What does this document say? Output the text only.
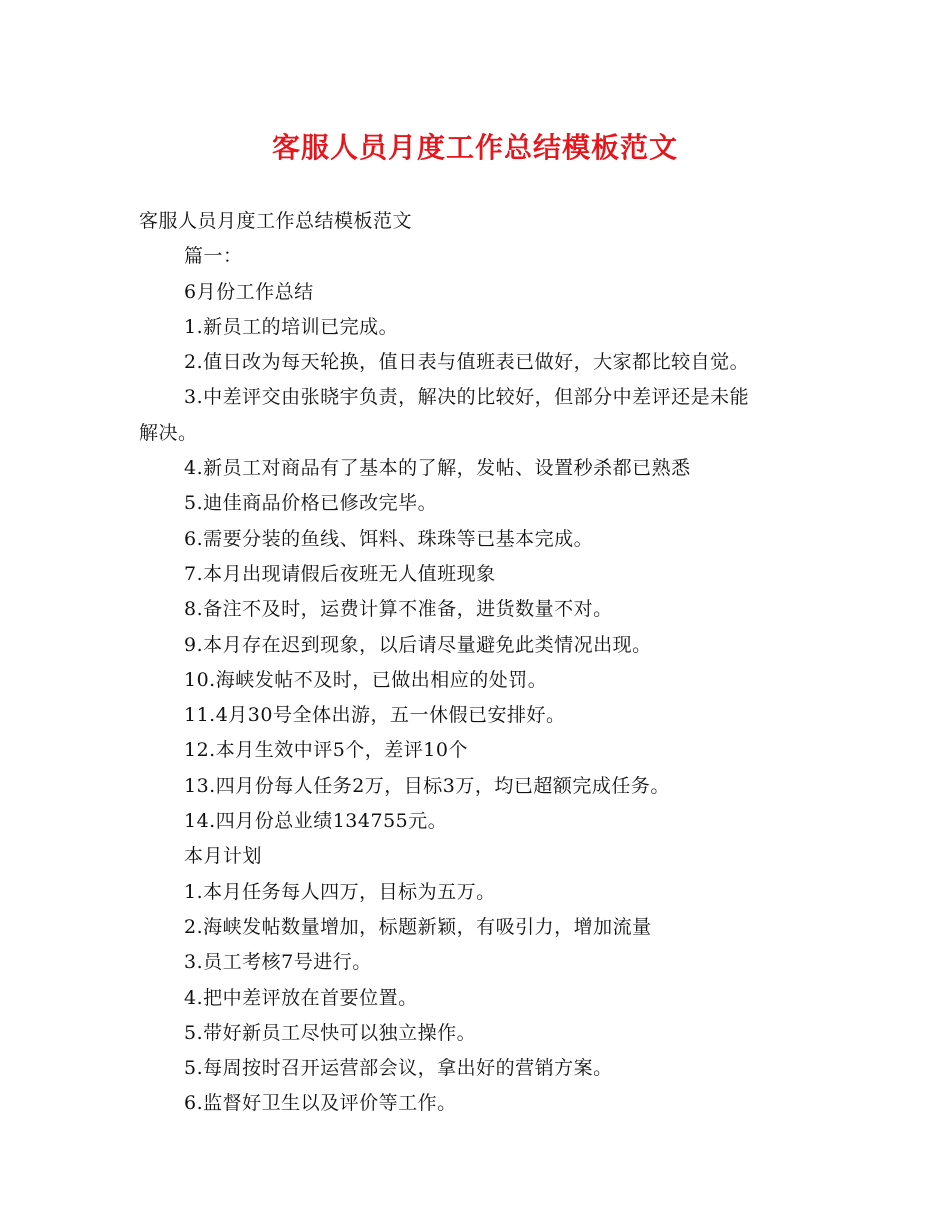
客服人员月度工作总结模板范文
客服人员月度工作总结模板范文
篇一：
6月份工作总结
1.新员工的培训已完成。
2.值日改为每天轮换，值日表与值班表已做好，大家都比较自觉。
3.中差评交由张晓宇负责，解决的比较好，但部分中差评还是未能
解决。
4.新员工对商品有了基本的了解，发帖、设置秒杀都已熟悉
5.迪佳商品价格已修改完毕。
6.需要分装的鱼线、饵料、珠珠等已基本完成。
7.本月出现请假后夜班无人值班现象
8.备注不及时，运费计算不准备，进货数量不对。
9.本月存在迟到现象，以后请尽量避免此类情况出现。
10.海峡发帖不及时，已做出相应的处罚。
11.4月30号全体出游，五一休假已安排好。
12.本月生效中评5个，差评10个
13.四月份每人任务2万，目标3万，均已超额完成任务。
14.四月份总业绩134755元。
本月计划
1.本月任务每人四万，目标为五万。
2.海峡发帖数量增加，标题新颖，有吸引力，增加流量
3.员工考核7号进行。
4.把中差评放在首要位置。
5.带好新员工尽快可以独立操作。
5.每周按时召开运营部会议，拿出好的营销方案。
6.监督好卫生以及评价等工作。
